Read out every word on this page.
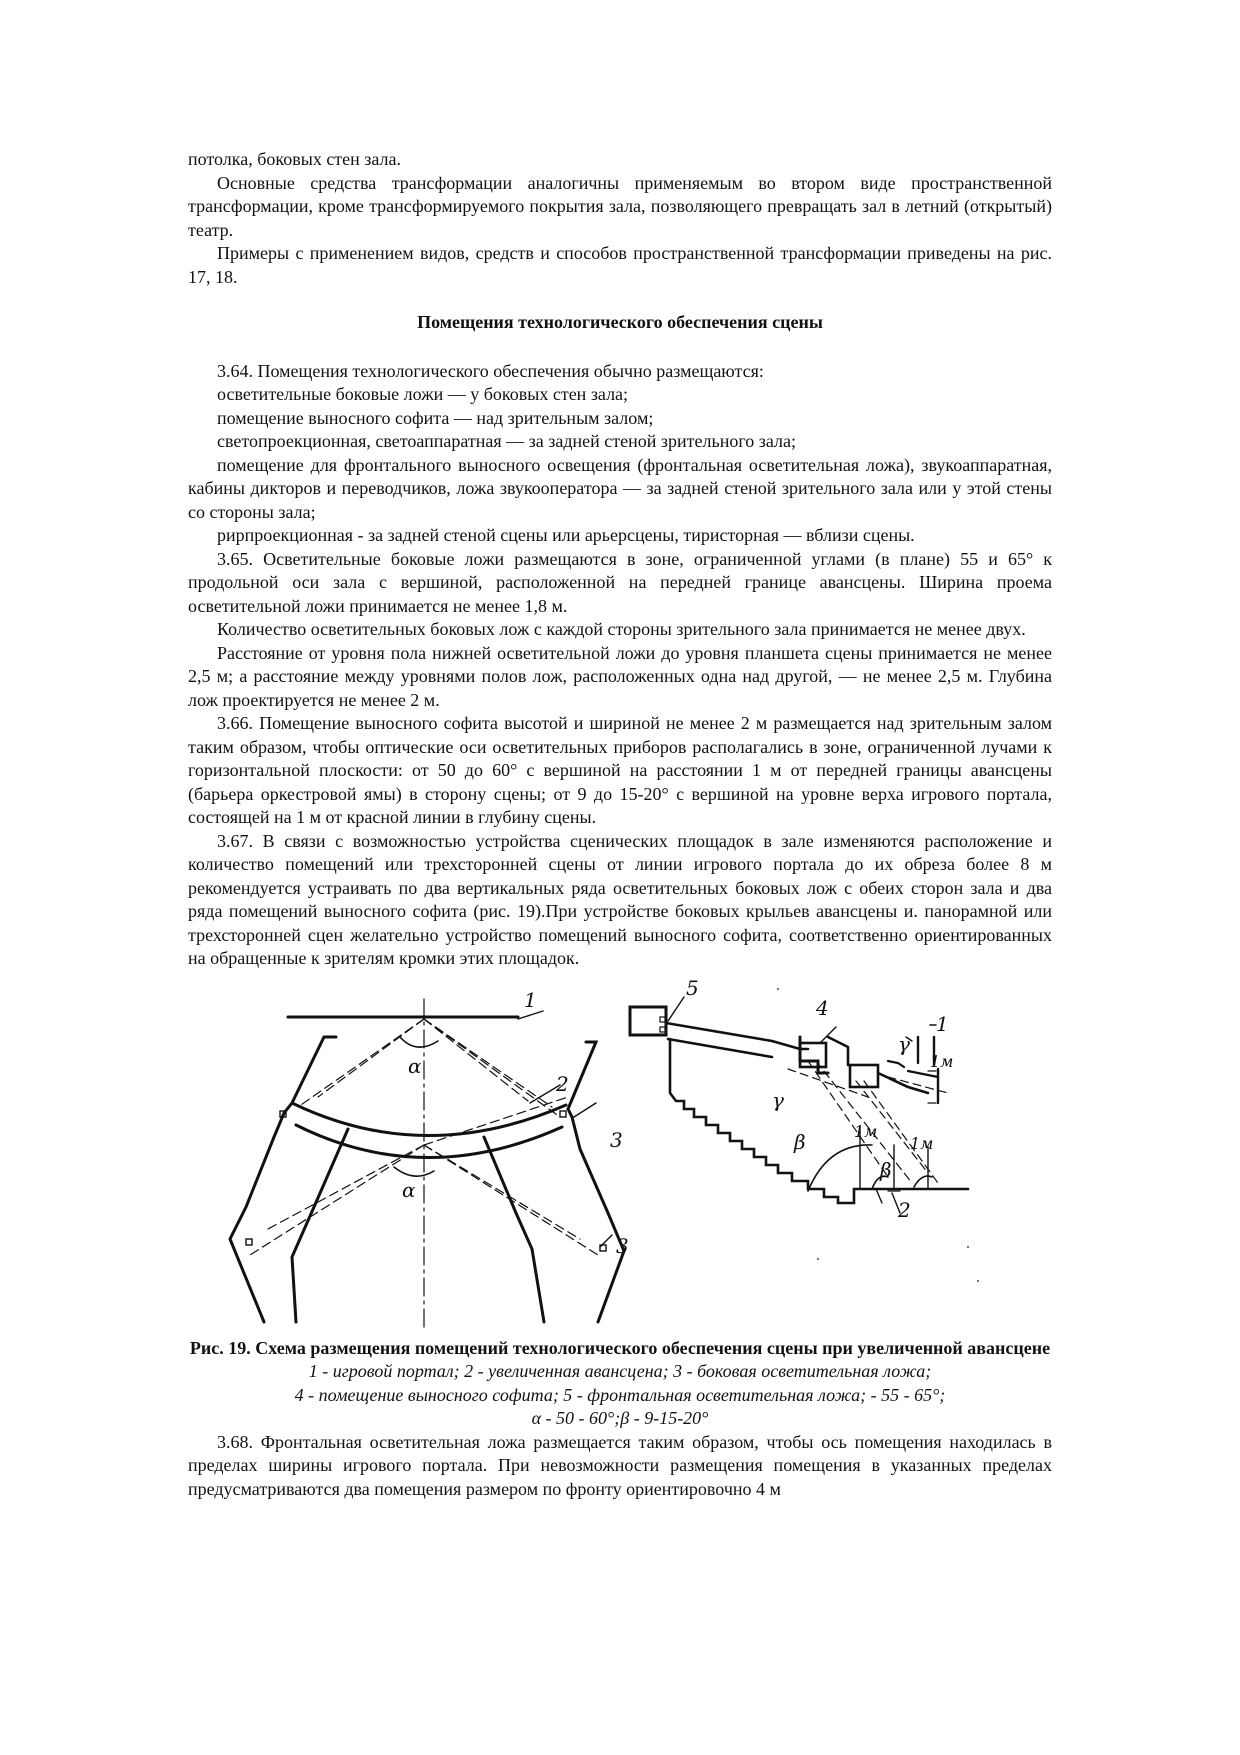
потолка, боковых стен зала.

Основные средства трансформации аналогичны применяемым во втором виде пространственной трансформации, кроме трансформируемого покрытия зала, позволяющего превращать зал в летний (открытый) театр.

Примеры с применением видов, средств и способов пространственной трансформации приведены на рис. 17, 18.

Помещения технологического обеспечения сцены

3.64. Помещения технологического обеспечения обычно размещаются:

осветительные боковые ложи — у боковых стен зала;

помещение выносного софита — над зрительным залом;

светопроекционная, светоаппаратная — за задней стеной зрительного зала;

помещение для фронтального выносного освещения (фронтальная осветительная ложа), звукоаппаратная, кабины дикторов и переводчиков, ложа звукооператора — за задней стеной зрительного зала или у этой стены со стороны зала;

рирпроекционная - за задней стеной сцены или арьерсцены, тиристорная — вблизи сцены.

3.65. Осветительные боковые ложи размещаются в зоне, ограниченной углами (в плане) 55 и 65° к продольной оси зала с вершиной, расположенной на передней границе авансцены. Ширина проема осветительной ложи принимается не менее 1,8 м.

Количество осветительных боковых лож с каждой стороны зрительного зала принимается не менее двух.

Расстояние от уровня пола нижней осветительной ложи до уровня планшета сцены принимается не менее 2,5 м; а расстояние между уровнями полов лож, расположенных одна над другой, — не менее 2,5 м. Глубина лож проектируется не менее 2 м.

3.66. Помещение выносного софита высотой и шириной не менее 2 м размещается над зрительным залом таким образом, чтобы оптические оси осветительных приборов располагались в зоне, ограниченной лучами к горизонтальной плоскости: от 50 до 60° с вершиной на расстоянии 1 м от передней границы авансцены (барьера оркестровой ямы) в сторону сцены; от 9 до 15-20° с вершиной на уровне верха игрового портала, состоящей на 1 м от красной линии в глубину сцены.

3.67. В связи с возможностью устройства сценических площадок в зале изменяются расположение и количество помещений или трехсторонней сцены от линии игрового портала до их обреза более 8 м рекомендуется устраивать по два вертикальных ряда осветительных боковых лож с обеих сторон зала и два ряда помещений выносного софита (рис. 19).При устройстве боковых крыльев авансцены и. панорамной или трехсторонней сцен желательно устройство помещений выносного софита, соответственно ориентированных на обращенные к зрителям кромки этих площадок.

1
2
3
3
α
α
5
4
1
2
γ
γ
β
β
1м
1м
1м

Рис. 19. Схема размещения помещений технологического обеспечения сцены при увеличенной авансцене

1 - игровой портал; 2 - увеличенная авансцена; 3 - боковая осветительная ложа;

4 - помещение выносного софита; 5 - фронтальная осветительная ложа; - 55 - 65°;

α - 50 - 60°;β - 9-15-20°

3.68. Фронтальная осветительная ложа размещается таким образом, чтобы ось помещения находилась в пределах ширины игрового портала. При невозможности размещения помещения в указанных пределах предусматриваются два помещения размером по фронту ориентировочно 4 м
